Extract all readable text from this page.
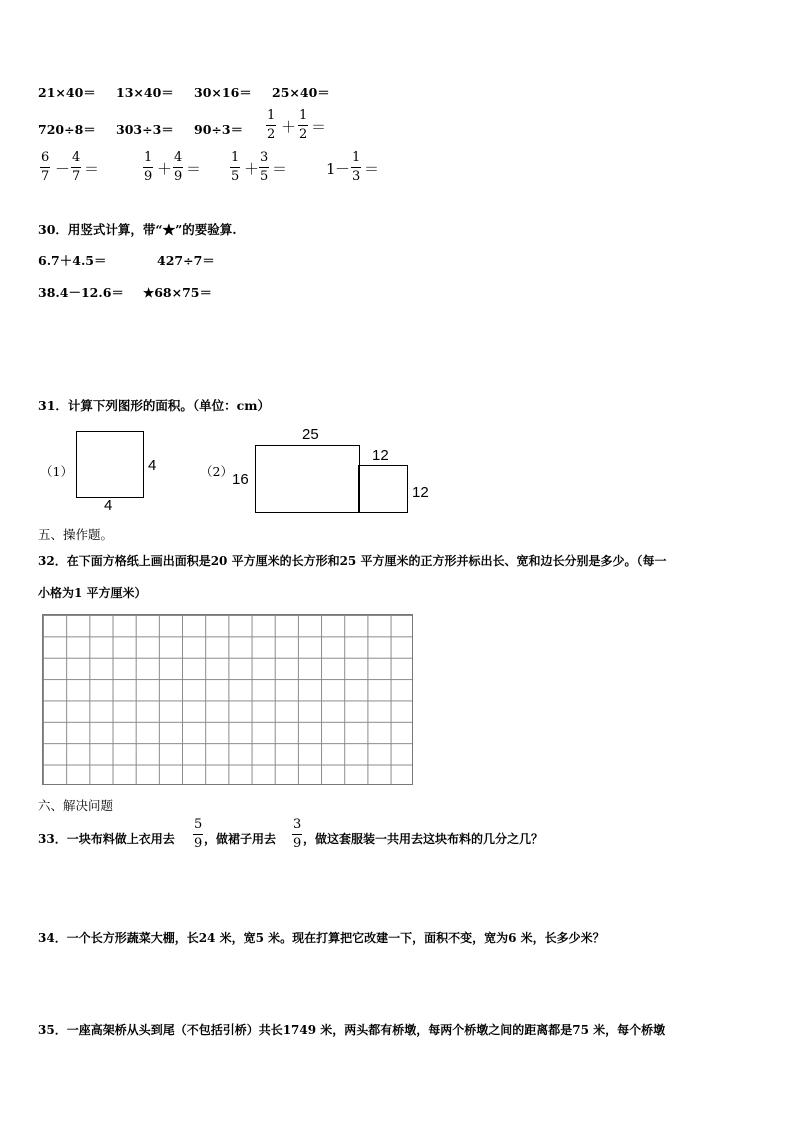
21×40＝ 13×40＝ 30×16＝ 25×40＝
720÷8＝ 303÷3＝ 90÷3＝
1
2 ＋
1
2 ＝
6
7 －
4
7 ＝
1
9 ＋
4
9 ＝
1
5 ＋
3
5 ＝	1 －
1
3 ＝
30．用竖式计算，带“★”的要验算.
6.7＋4.5＝	427÷7＝
38.4－12.6＝ ★68×75＝
31．计算下列图形的面积。（单位：cm）
（1）	4
4
（2）
25
16
12
12
五、操作题。
32．在下面方格纸上画出面积是20 平方厘米的长方形和25 平方厘米的正方形并标出长、宽和边长分别是多少。（每一
小格为1 平方厘米）
六、解决问题
33．一块布料做上衣用去
5
9 ，做裙子用去
3
9 ，做这套服装一共用去这块布料的几分之几？
34．一个长方形蔬菜大棚，长24 米，宽5 米。现在打算把它改建一下，面积不变，宽为6 米，长多少米？
35．一座高架桥从头到尾（不包括引桥）共长1749 米，两头都有桥墩，每两个桥墩之间的距离都是75 米，每个桥墩
